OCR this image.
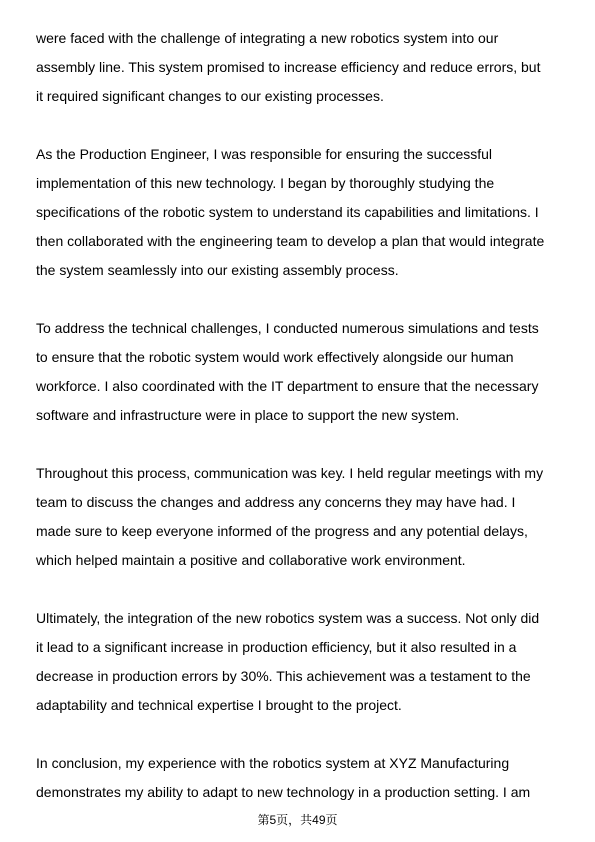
were faced with the challenge of integrating a new robotics system into our
assembly line. This system promised to increase efficiency and reduce errors, but
it required significant changes to our existing processes.
As the Production Engineer, I was responsible for ensuring the successful
implementation of this new technology. I began by thoroughly studying the
specifications of the robotic system to understand its capabilities and limitations. I
then collaborated with the engineering team to develop a plan that would integrate
the system seamlessly into our existing assembly process.
To address the technical challenges, I conducted numerous simulations and tests
to ensure that the robotic system would work effectively alongside our human
workforce. I also coordinated with the IT department to ensure that the necessary
software and infrastructure were in place to support the new system.
Throughout this process, communication was key. I held regular meetings with my
team to discuss the changes and address any concerns they may have had. I
made sure to keep everyone informed of the progress and any potential delays,
which helped maintain a positive and collaborative work environment.
Ultimately, the integration of the new robotics system was a success. Not only did
it lead to a significant increase in production efficiency, but it also resulted in a
decrease in production errors by 30%. This achievement was a testament to the
adaptability and technical expertise I brought to the project.
In conclusion, my experience with the robotics system at XYZ Manufacturing
demonstrates my ability to adapt to new technology in a production setting. I am
第5页，共49页
